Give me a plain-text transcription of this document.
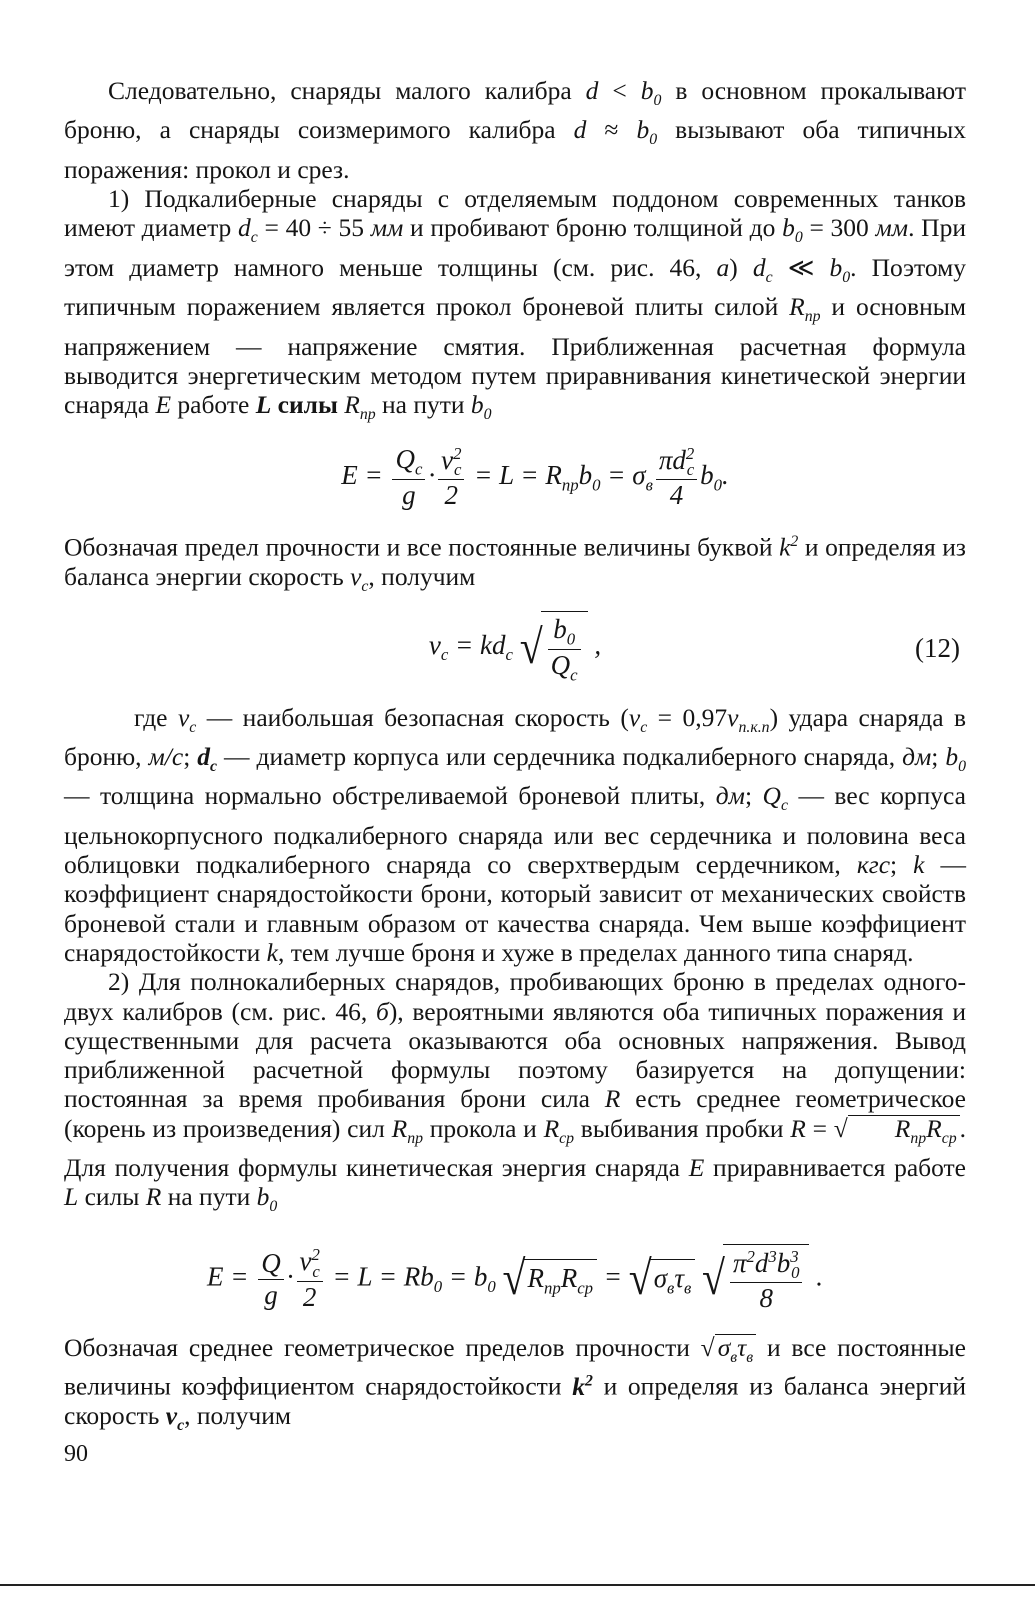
Следовательно, снаряды малого калибра $d < b_0$ в основном прокалывают броню, а снаряды соизмеримого калибра $d \approx b_0$ вызывают оба типичных поражения: прокол и срез.

1) Подкалиберные снаряды с отделяемым поддоном современных танков имеют диаметр $d_c = 40 \div 55$ мм и пробивают броню толщиной до $b_0 = 300$ мм. При этом диаметр намного меньше толщины (см. рис. 46, а) $d_c$ ≪ $b_0$. Поэтому типичным поражением является прокол броневой плиты силой $R_{пр}$ и основным напряжением — напряжение смятия. Приближенная расчетная формула выводится энергетическим методом путем приравнивания кинетической энергии снаряда E работе L силы $R_{пр}$ на пути $b_0$

$E = \frac{Q_c}{g} \cdot \frac{v^2_c}{2} = L = R_{пр}b_0 = \sigma_в \frac{\pi d^2_c}{4} b_0$.

Обозначая предел прочности и все постоянные величины буквой $k^2$ и определяя из баланса энергии скорость $v_c$, получим

$v_c = kd_c$ √ $\frac{b_0}{Q_c}$ ,	(12)

где $v_c$ — наибольшая безопасная скорость $(v_c = 0,97v_{п.к.п})$ удара снаряда в броню, м/с; $d_c$ — диаметр корпуса или сердечника подкалиберного снаряда, дм; $b_0$ — толщина нормально обстреливаемой броневой плиты, дм; $Q_c$ — вес корпуса цельнокорпусного подкалиберного снаряда или вес сердечника и половина веса облицовки подкалиберного снаряда со сверхтвердым сердечником, кгс; k — коэффициент снарядостойкости брони, который зависит от механических свойств броневой стали и главным образом от качества снаряда. Чем выше коэффициент снарядостойкости k, тем лучше броня и хуже в пределах данного типа снаряд.

2) Для полнокалиберных снарядов, пробивающих броню в пределах одного-двух калибров (см. рис. 46, б), вероятными являются оба типичных поражения и существенными для расчета оказываются оба основных напряжения. Вывод приближенной расчетной формулы поэтому базируется на допущении: постоянная за время пробивания брони сила R есть среднее геометрическое (корень из произведения) сил $R_{пр}$ прокола и $R_{ср}$ выбивания пробки R = √ $R_{пр}R_{ср}$ . Для получения формулы кинетическая энергия снаряда E приравнивается работе L силы R на пути $b_0$

$E = \frac{Q}{g} \cdot \frac{v^2_c}{2} = L = Rb_0 = b_0$ $√R_{пр}R_{ср} = √\sigma_в\tau_в$ √ $\frac{\pi^2d^3b^3_0}{8}$ .

Обозначая среднее геометрическое пределов прочности √ $\sigma_в\tau_в$ и все постоянные величины коэффициентом снарядостойкости $k^2$ и определяя из баланса энергий скорость $v_c$, получим

90
